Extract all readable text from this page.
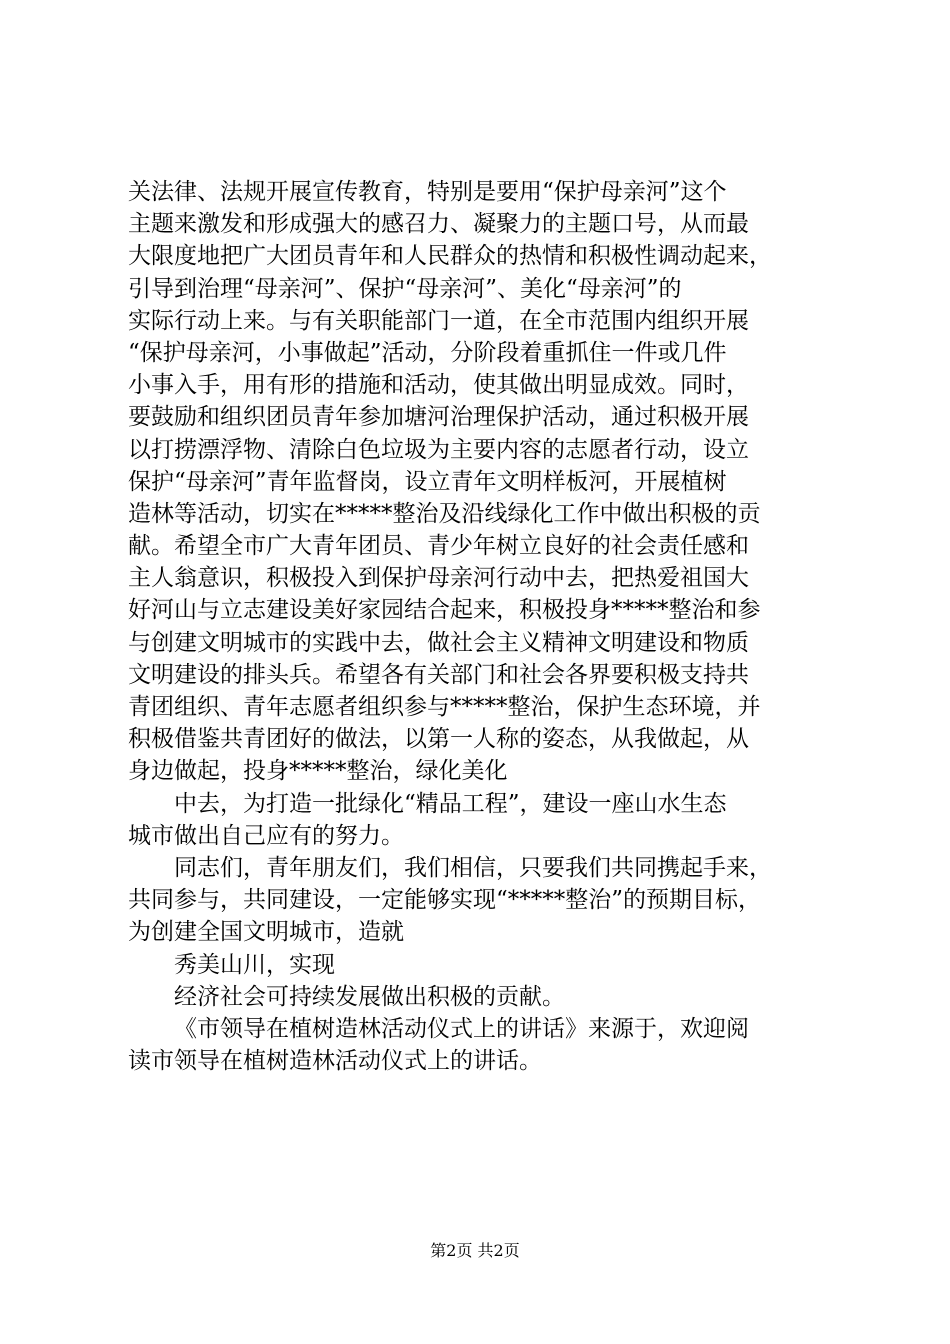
关法律、法规开展宣传教育，特别是要用“保护母亲河”这个
主题来激发和形成强大的感召力、凝聚力的主题口号，从而最
大限度地把广大团员青年和人民群众的热情和积极性调动起来，
引导到治理“母亲河”、保护“母亲河”、美化“母亲河”的
实际行动上来。与有关职能部门一道，在全市范围内组织开展
“保护母亲河，小事做起”活动，分阶段着重抓住一件或几件
小事入手，用有形的措施和活动，使其做出明显成效。同时，
要鼓励和组织团员青年参加塘河治理保护活动，通过积极开展
以打捞漂浮物、清除白色垃圾为主要内容的志愿者行动，设立
保护“母亲河”青年监督岗，设立青年文明样板河，开展植树
造林等活动，切实在*****整治及沿线绿化工作中做出积极的贡
献。希望全市广大青年团员、青少年树立良好的社会责任感和
主人翁意识，积极投入到保护母亲河行动中去，把热爱祖国大
好河山与立志建设美好家园结合起来，积极投身*****整治和参
与创建文明城市的实践中去，做社会主义精神文明建设和物质
文明建设的排头兵。希望各有关部门和社会各界要积极支持共
青团组织、青年志愿者组织参与*****整治，保护生态环境，并
积极借鉴共青团好的做法，以第一人称的姿态，从我做起，从
身边做起，投身*****整治，绿化美化
中去，为打造一批绿化“精品工程”，建设一座山水生态
城市做出自己应有的努力。
同志们，青年朋友们，我们相信，只要我们共同携起手来，
共同参与，共同建设，一定能够实现“*****整治”的预期目标，
为创建全国文明城市，造就
秀美山川，实现
经济社会可持续发展做出积极的贡献。
《市领导在植树造林活动仪式上的讲话》来源于，欢迎阅
读市领导在植树造林活动仪式上的讲话。
第2页 共2页
